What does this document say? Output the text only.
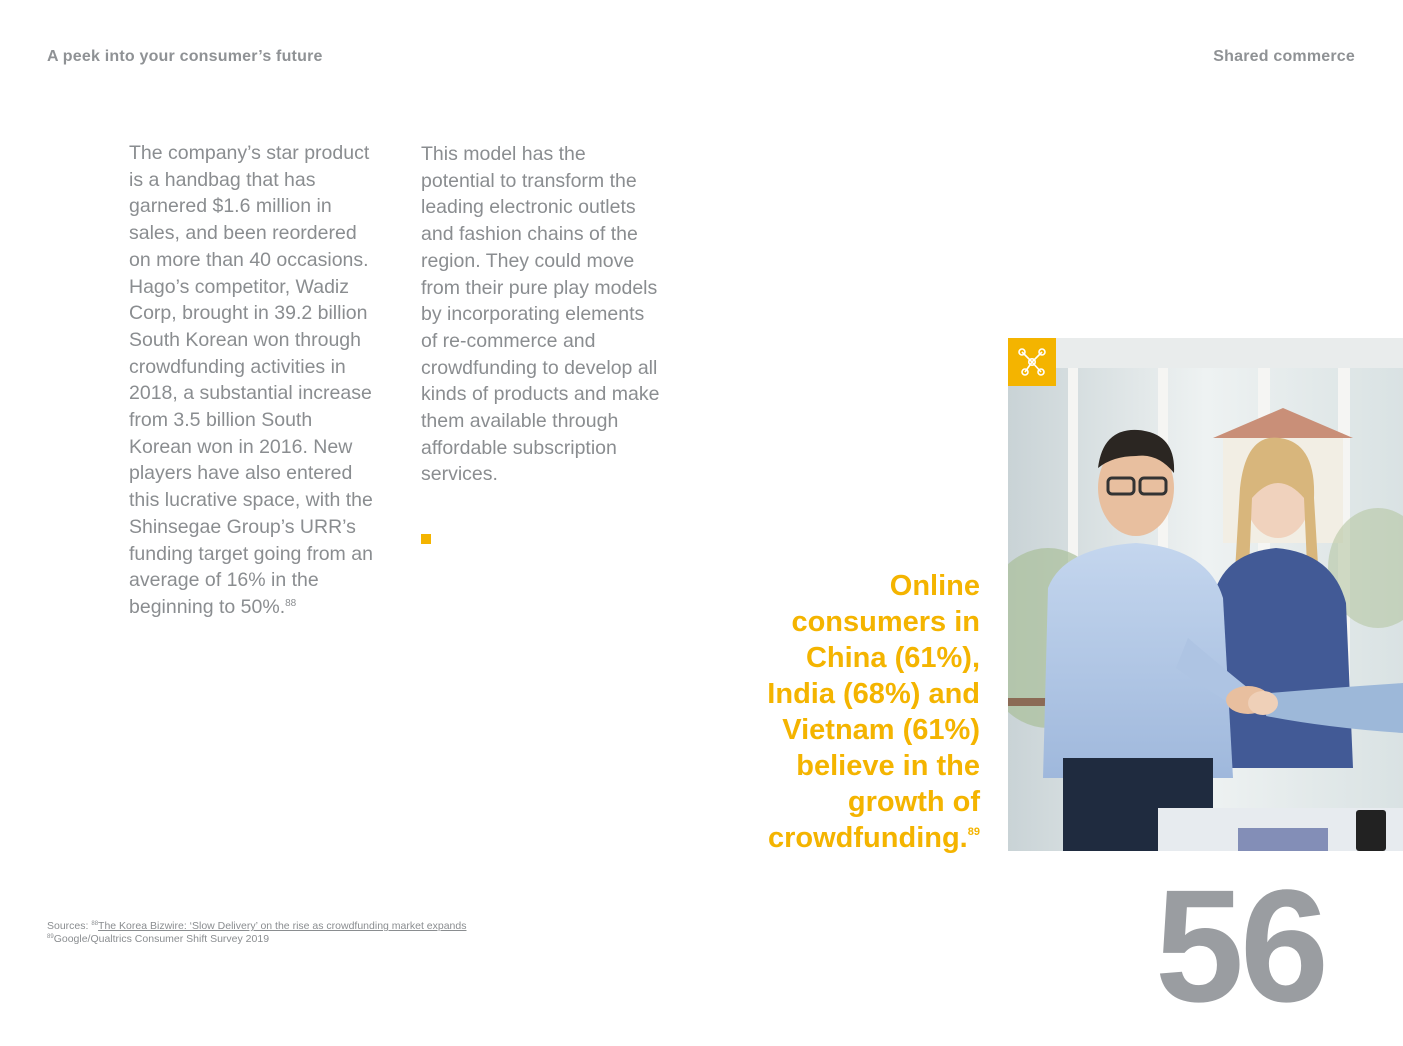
A peek into your consumer’s future	Shared commerce

The company’s star product is a handbag that has garnered $1.6 million in sales, and been reordered on more than 40 occasions. Hago’s competitor, Wadiz Corp, brought in 39.2 billion South Korean won through crowdfunding activities in 2018, a substantial increase from 3.5 billion South Korean won in 2016. New players have also entered this lucrative space, with the Shinsegae Group’s URR’s funding target going from an average of 16% in the beginning to 50%.$^{88}$

This model has the potential to transform the leading electronic outlets and fashion chains of the region. They could move from their pure play models by incorporating elements of re-commerce and crowdfunding to develop all kinds of products and make them available through affordable subscription services.

Online consumers in China (61%), India (68%) and Vietnam (61%) believe in the growth of crowdfunding.$^{89}$
Sources: $^{88}$The Korea Bizwire: ‘Slow Delivery’ on the rise as crowdfunding market expands
$^{89}$Google/Qualtrics Consumer Shift Survey 2019	56
